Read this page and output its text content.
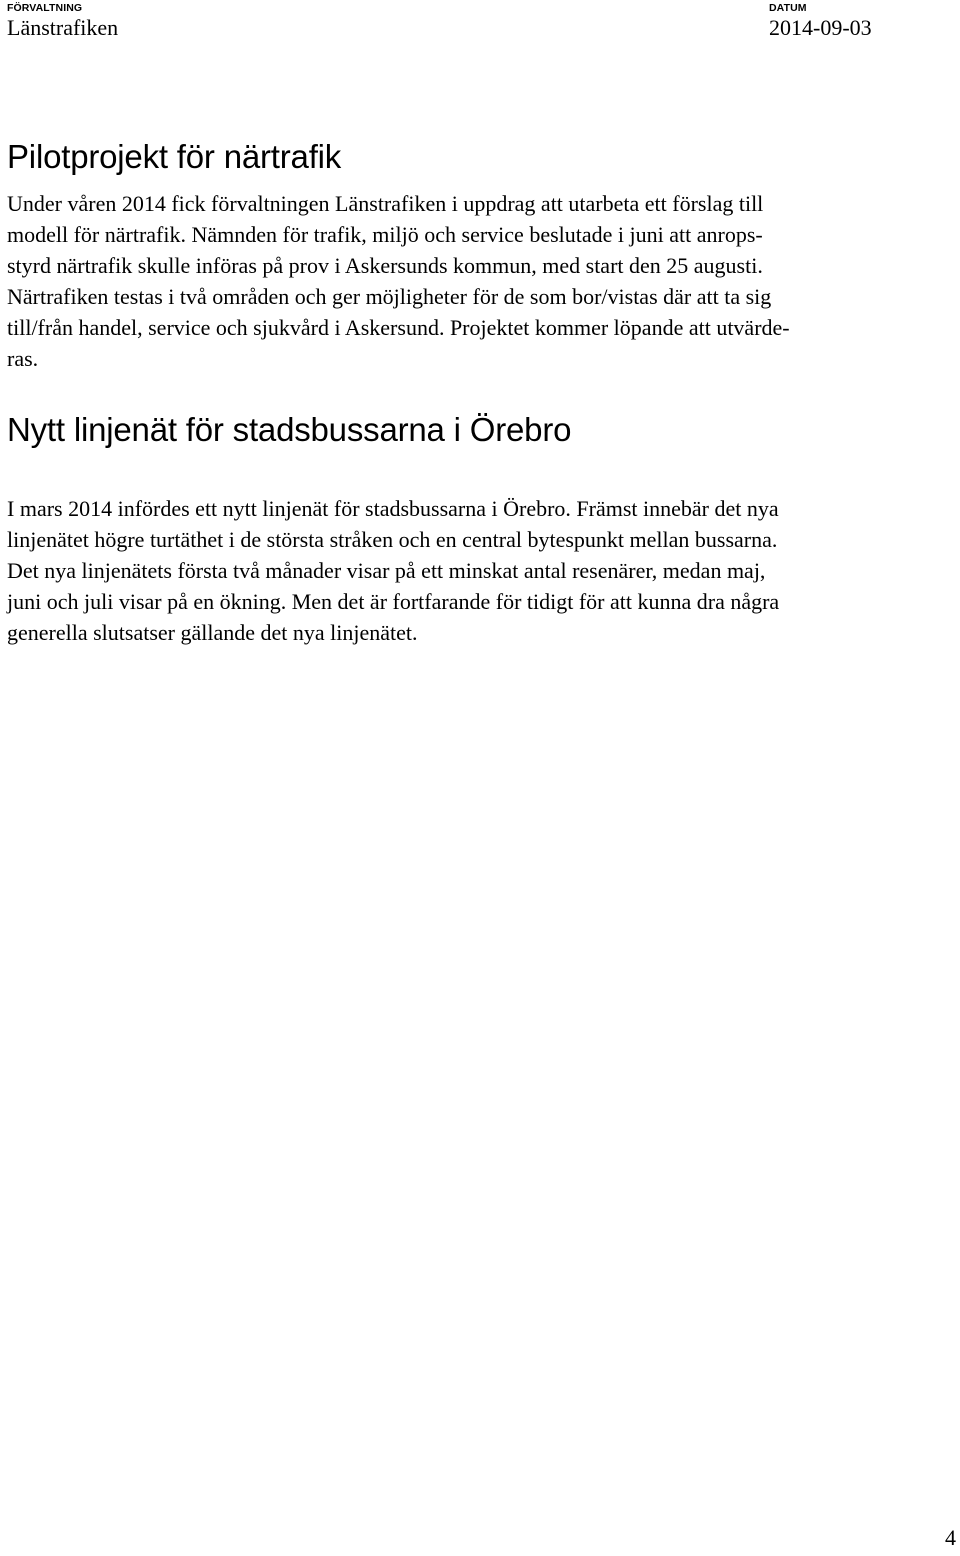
FÖRVALTNING
Länstrafiken
DATUM
2014-09-03
Pilotprojekt för närtrafik

Under våren 2014 fick förvaltningen Länstrafiken i uppdrag att utarbeta ett förslag till
modell för närtrafik. Nämnden för trafik, miljö och service beslutade i juni att anrops-
styrd närtrafik skulle införas på prov i Askersunds kommun, med start den 25 augusti.
Närtrafiken testas i två områden och ger möjligheter för de som bor/vistas där att ta sig
till/från handel, service och sjukvård i Askersund. Projektet kommer löpande att utvärde-
ras.

Nytt linjenät för stadsbussarna i Örebro

I mars 2014 infördes ett nytt linjenät för stadsbussarna i Örebro. Främst innebär det nya
linjenätet högre turtäthet i de största stråken och en central bytespunkt mellan bussarna.
Det nya linjenätets första två månader visar på ett minskat antal resenärer, medan maj,
juni och juli visar på en ökning. Men det är fortfarande för tidigt för att kunna dra några
generella slutsatser gällande det nya linjenätet.

4
